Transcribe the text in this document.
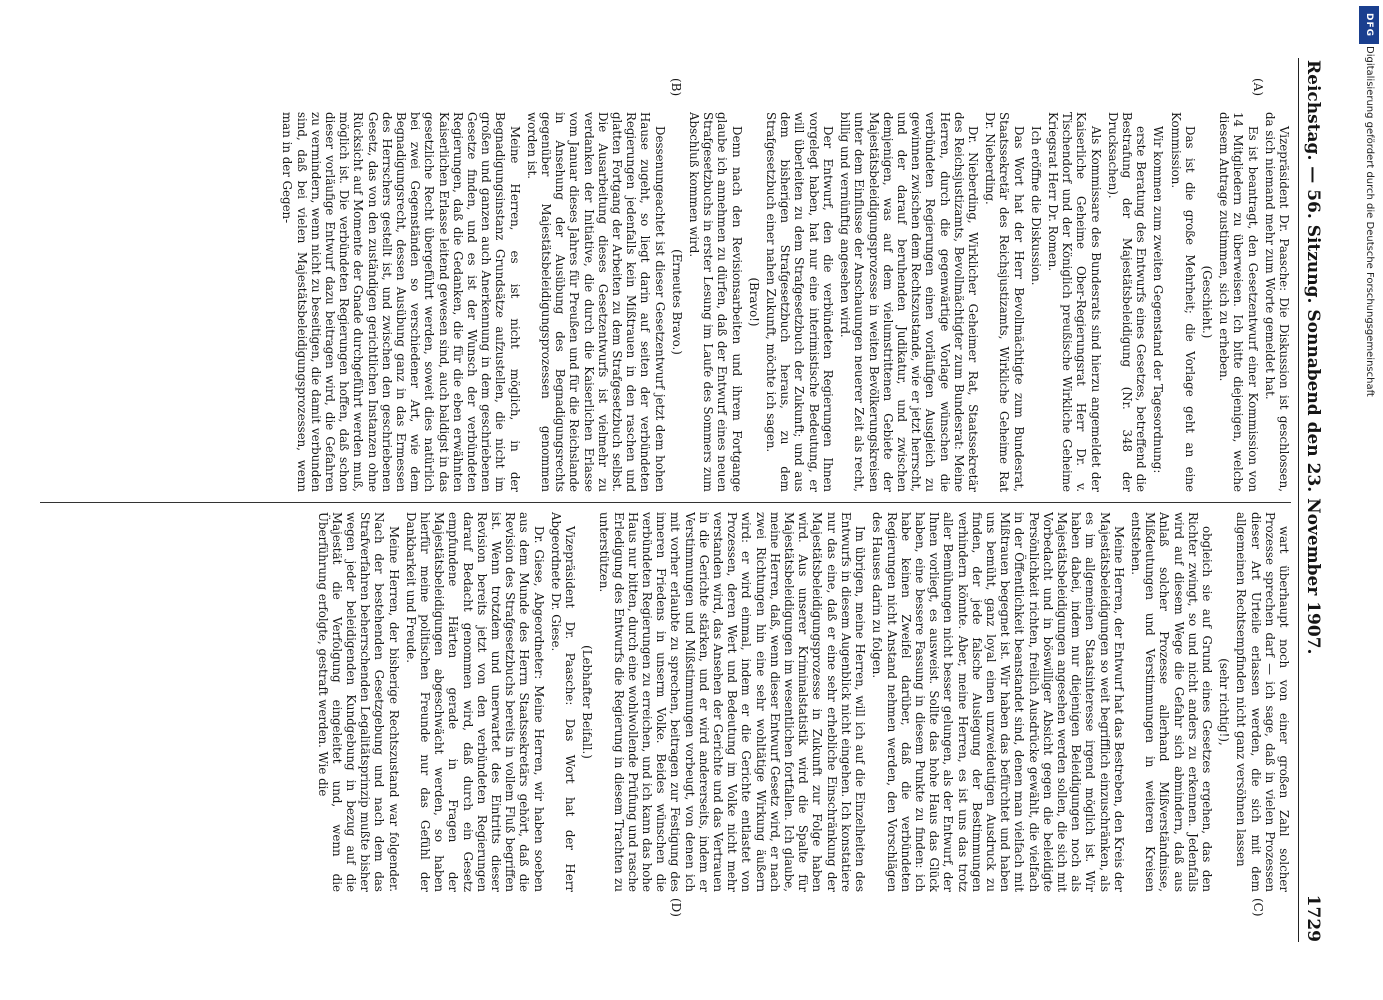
Reichstag. — 56. Sitzung. Sonnabend den 23. November 1907.
1729

Vizepräsident Dr. Paasche: Die Diskussion ist geschlossen, da sich niemand mehr zum Worte gemeldet hat.

Es ist beantragt, den Gesetzentwurf einer Kommission von 14 Mitgliedern zu überweisen. Ich bitte diejenigen, welche diesem Antrage zustimmen, sich zu erheben.

(Geschieht.)

Das ist die große Mehrheit; die Vorlage geht an eine Kommission.

Wir kommen zum zweiten Gegenstand der Tagesordnung:

erste Beratung des Entwurfs eines Gesetzes, betreffend die Bestrafung der Majestätsbeleidigung (Nr. 348 der Drucksachen).

Als Kommissare des Bundesrats sind hierzu angemeldet der Kaiserliche Geheime Ober-Regierungsrat Herr Dr. v. Tischendorf und der Königlich preußische Wirkliche Geheime Kriegsrat Herr Dr. Romen.

Ich eröffne die Diskussion.

Das Wort hat der Herr Bevollmächtigte zum Bundesrat, Staatssekretär des Reichsjustizamts, Wirkliche Geheime Rat Dr. Nieberding.

Dr. Nieberding, Wirklicher Geheimer Rat, Staatssekretär des Reichsjustizamts, Bevollmächtigter zum Bundesrat: Meine Herren, durch die gegenwärtige Vorlage wünschen die verbündeten Regierungen einen vorläufigen Ausgleich zu gewinnen zwischen dem Rechtszustande, wie er jetzt herrscht, und der darauf beruhenden Judikatur, und zwischen demjenigen, was auf dem vielumstrittenen Gebiete der Majestätsbeleidigungsprozesse in weiten Bevölkerungskreisen unter dem Einflusse der Anschauungen neuerer Zeit als recht, billig und vernünftig angesehen wird.

Der Entwurf, den die verbündeten Regierungen Ihnen vorgelegt haben, hat nur eine interimistische Bedeutung, er will überleiten zu dem Strafgesetzbuch der Zukunft; und aus dem bisherigen Strafgesetzbuch heraus, zu dem Strafgesetzbuch einer nahen Zukunft, möchte ich sagen.

(Bravo!)

Denn nach den Revisionsarbeiten und ihrem Fortgange glaube ich annehmen zu dürfen, daß der Entwurf eines neuen Strafgesetzbuchs in erster Lesung im Laufe des Sommers zum Abschluß kommen wird.

(Erneutes Bravo.)

Dessenungeachtet ist dieser Gesetzentwurf jetzt dem hohen Hause zugeht, so liegt darin auf seiten der verbündeten Regierungen jedenfalls kein Mißtrauen in den raschen und glatten Fortgang der Arbeiten zu dem Strafgesetzbuch selbst. Die Ausarbeitung dieses Gesetzentwurfs ist vielmehr zu verdanken der Initiative, die durch die Kaiserlichen Erlasse vom Januar dieses Jahres für Preußen und für die Reichslande in Ansehung der Ausübung des Begnadigungsrechts gegenüber Majestätsbeleidigungsprozessen genommen worden ist.

Meine Herren, es ist nicht möglich, in der Begnadigungsinstanz Grundsätze aufzustellen, die nicht im großen und ganzen auch Anerkennung in dem geschriebenen Gesetze finden, und es ist der Wunsch der verbündeten Regierungen, daß die Gedanken, die für die eben erwähnten Kaiserlichen Erlasse leitend gewesen sind, auch baldigst in das gesetzliche Recht übergeführt werden, soweit dies natürlich bei zwei Gegenständen so verschiedener Art, wie dem Begnadigungsrecht, dessen Ausübung ganz in das Ermessen des Herrschers gestellt ist, und zwischen den geschriebenen Gesetz, das von den zuständigen gerichtlichen Instanzen ohne Rücksicht auf Momente der Gnade durchgeführt werden muß, möglich ist. Die verbündeten Regierungen hoffen, daß schon dieser vorläufige Entwurf dazu beitragen wird, die Gefahren zu vermindern, wenn nicht zu beseitigen, die damit verbunden sind, daß bei vielen Majestätsbeleidigungsprozessen, wenn man in der Gegen-

wart überhaupt noch von einer großen Zahl solcher Prozesse sprechen darf — ich sage, daß in vielen Prozessen dieser Art Urteile erlassen werden, die sich mit dem allgemeinen Rechtsempfinden nicht ganz versöhnen lassen

(sehr richtig!),

obgleich sie auf Grund eines Gesetzes ergehen, das den Richter zwingt, so und nicht anders zu erkennen. Jedenfalls wird auf diesem Wege die Gefahr sich abmindern, daß aus Anlaß solcher Prozesse allerhand Mißverständnisse, Mißdeutungen und Verstimmungen in weiteren Kreisen entstehen.

Meine Herren, der Entwurf hat das Bestreben, den Kreis der Majestätsbeleidigungen so weit begrifflich einzuschränken, als es im allgemeinen Staatsinteresse irgend möglich ist. Wir haben dabei, indem nur diejenigen Beleidigungen noch als Majestätsbeleidigungen angesehen werden sollen, die sich mit Vorbedacht und in böswilliger Absicht gegen die beleidigte Persönlichkeit richten, freilich Ausdrücke gewählt, die vielfach in der Öffentlichkeit beanstandet sind, denen man vielfach mit Mißtrauen begegnet ist. Wir haben das befürchtet und haben uns bemüht, ganz loyal einen unzweideutigen Ausdruck zu finden, der jede falsche Auslegung der Bestimmungen verhindern könnte. Aber, meine Herren, es ist uns das trotz aller Bemühungen nicht besser gelungen, als der Entwurf, der Ihnen vorliegt, es ausweist. Sollte das hohe Haus das Glück haben, eine bessere Fassung in diesem Punkte zu finden: ich habe keinen Zweifel darüber, daß die verbündeten Regierungen nicht Anstand nehmen werden, den Vorschlägen des Hauses darin zu folgen.

Im übrigen, meine Herren, will ich auf die Einzelheiten des Entwurfs in diesem Augenblick nicht eingehen. Ich konstatiere nur das eine, daß er eine sehr erhebliche Einschränkung der Majestätsbeleidigungsprozesse in Zukunft zur Folge haben wird. Aus unserer Kriminalstatistik wird die Spalte für Majestätsbeleidigungen im wesentlichen fortfallen. Ich glaube, meine Herren, daß, wenn dieser Entwurf Gesetz wird, er nach zwei Richtungen hin eine sehr wohltätige Wirkung äußern wird: er wird einmal, indem er die Gerichte entlastet von Prozessen, deren Wert und Bedeutung im Volke nicht mehr verstanden wird, das Ansehen der Gerichte und das Vertrauen in die Gerichte stärken, und er wird andererseits, indem er Verstimmungen und Mißstimmungen vorbeugt, von denen ich mit vorher erlaubte zu sprechen, beitragen zur Festigung des inneren Friedens in unserm Volke. Beides wünschen die verbündeten Regierungen zu erreichen, und ich kann das hohe Haus nur bitten, durch eine wohlwollende Prüfung und rasche Erledigung des Entwurfs die Regierung in diesem Trachten zu unterstützen.

(Lebhafter Beifall.)

Vizepräsident Dr. Paasche: Das Wort hat der Herr Abgeordnete Dr. Giese.

Dr. Giese, Abgeordneter: Meine Herren, wir haben soeben aus dem Munde des Herrn Staatssekretärs gehört, daß die Revision des Strafgesetzbuchs bereits in vollem Fluß begriffen ist. Wenn trotzdem und unerwartet des Eintritts dieser Revision bereits jetzt von den verbündeten Regierungen darauf Bedacht genommen wird, daß durch ein Gesetz empfundene Härten gerade in Fragen der Majestätsbeleidigungen abgeschwächt werden, so haben hierfür meine politischen Freunde nur das Gefühl der Dankbarkeit und Freude.

Meine Herren, der bisherige Rechtszustand war folgender. Nach der bestehenden Gesetzgebung und nach dem das Strafverfahren beherrschenden Legalitätsprinzip mußte bisher wegen jeder beleidigenden Kundgebung in bezug auf die Majestät die Verfolgung eingeleitet und, wenn die Überführung erfolgte, gestraft werden. Wie die

(A)
(B)
(C)
(D)
DFG
Digitalisierung gefördert durch die Deutsche Forschungsgemeinschaft
